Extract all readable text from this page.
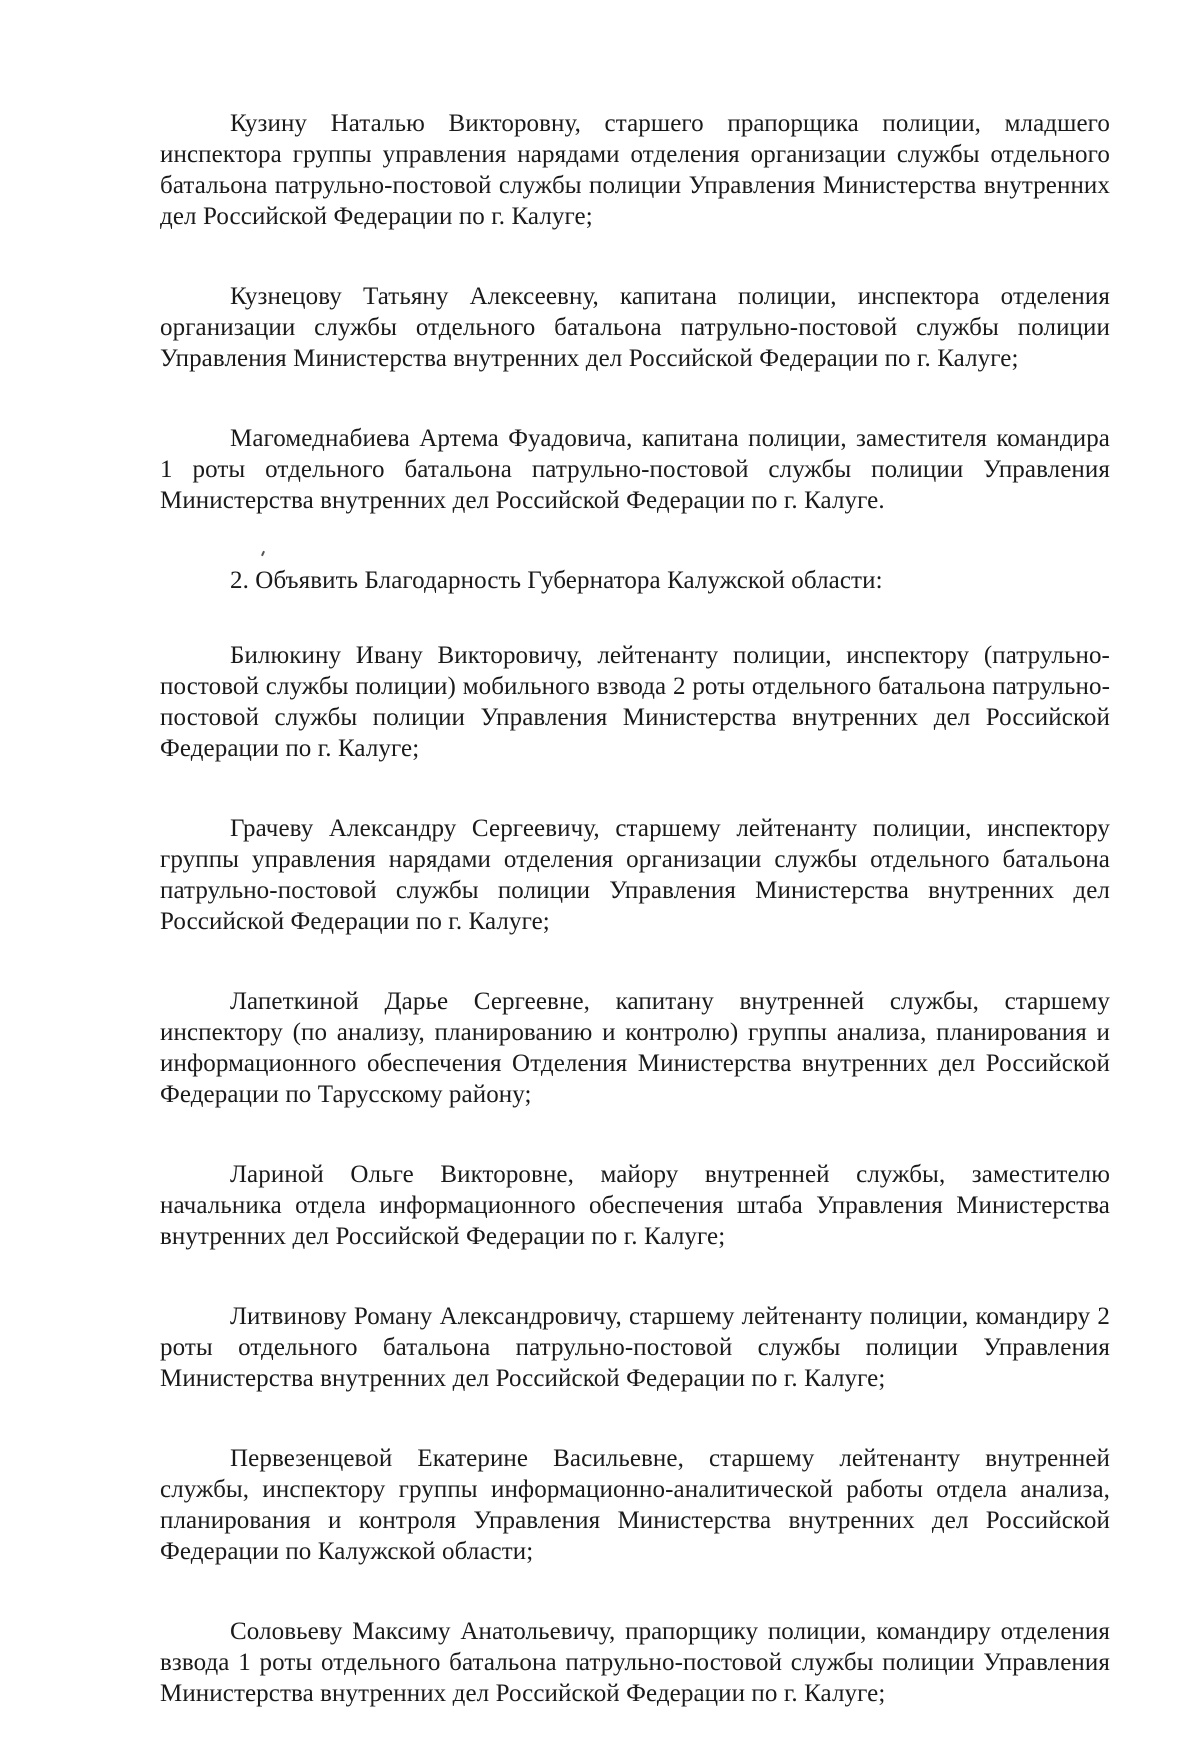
Кузину Наталью Викторовну, старшего прапорщика полиции, младшего инспектора группы управления нарядами отделения организации службы отдельного батальона патрульно-постовой службы полиции Управления Министерства внутренних дел Российской Федерации по г. Калуге;

Кузнецову Татьяну Алексеевну, капитана полиции, инспектора отделения организации службы отдельного батальона патрульно-постовой службы полиции Управления Министерства внутренних дел Российской Федерации по г. Калуге;

Магомеднабиева Артема Фуадовича, капитана полиции, заместителя командира 1 роты отдельного батальона патрульно-постовой службы полиции Управления Министерства внутренних дел Российской Федерации по г. Калуге.

2. Объявить Благодарность Губернатора Калужской области:

Билюкину Ивану Викторовичу, лейтенанту полиции, инспектору (патрульно-постовой службы полиции) мобильного взвода 2 роты отдельного батальона патрульно-постовой службы полиции Управления Министерства внутренних дел Российской Федерации по г. Калуге;

Грачеву Александру Сергеевичу, старшему лейтенанту полиции, инспектору группы управления нарядами отделения организации службы отдельного батальона патрульно-постовой службы полиции Управления Министерства внутренних дел Российской Федерации по г. Калуге;

Лапеткиной Дарье Сергеевне, капитану внутренней службы, старшему инспектору (по анализу, планированию и контролю) группы анализа, планирования и информационного обеспечения Отделения Министерства внутренних дел Российской Федерации по Тарусскому району;

Лариной Ольге Викторовне, майору внутренней службы, заместителю начальника отдела информационного обеспечения штаба Управления Министерства внутренних дел Российской Федерации по г. Калуге;

Литвинову Роману Александровичу, старшему лейтенанту полиции, командиру 2 роты отдельного батальона патрульно-постовой службы полиции Управления Министерства внутренних дел Российской Федерации по г. Калуге;

Первезенцевой Екатерине Васильевне, старшему лейтенанту внутренней службы, инспектору группы информационно-аналитической работы отдела анализа, планирования и контроля Управления Министерства внутренних дел Российской Федерации по Калужской области;

Соловьеву Максиму Анатольевичу, прапорщику полиции, командиру отделения взвода 1 роты отдельного батальона патрульно-постовой службы полиции Управления Министерства внутренних дел Российской Федерации по г. Калуге;
